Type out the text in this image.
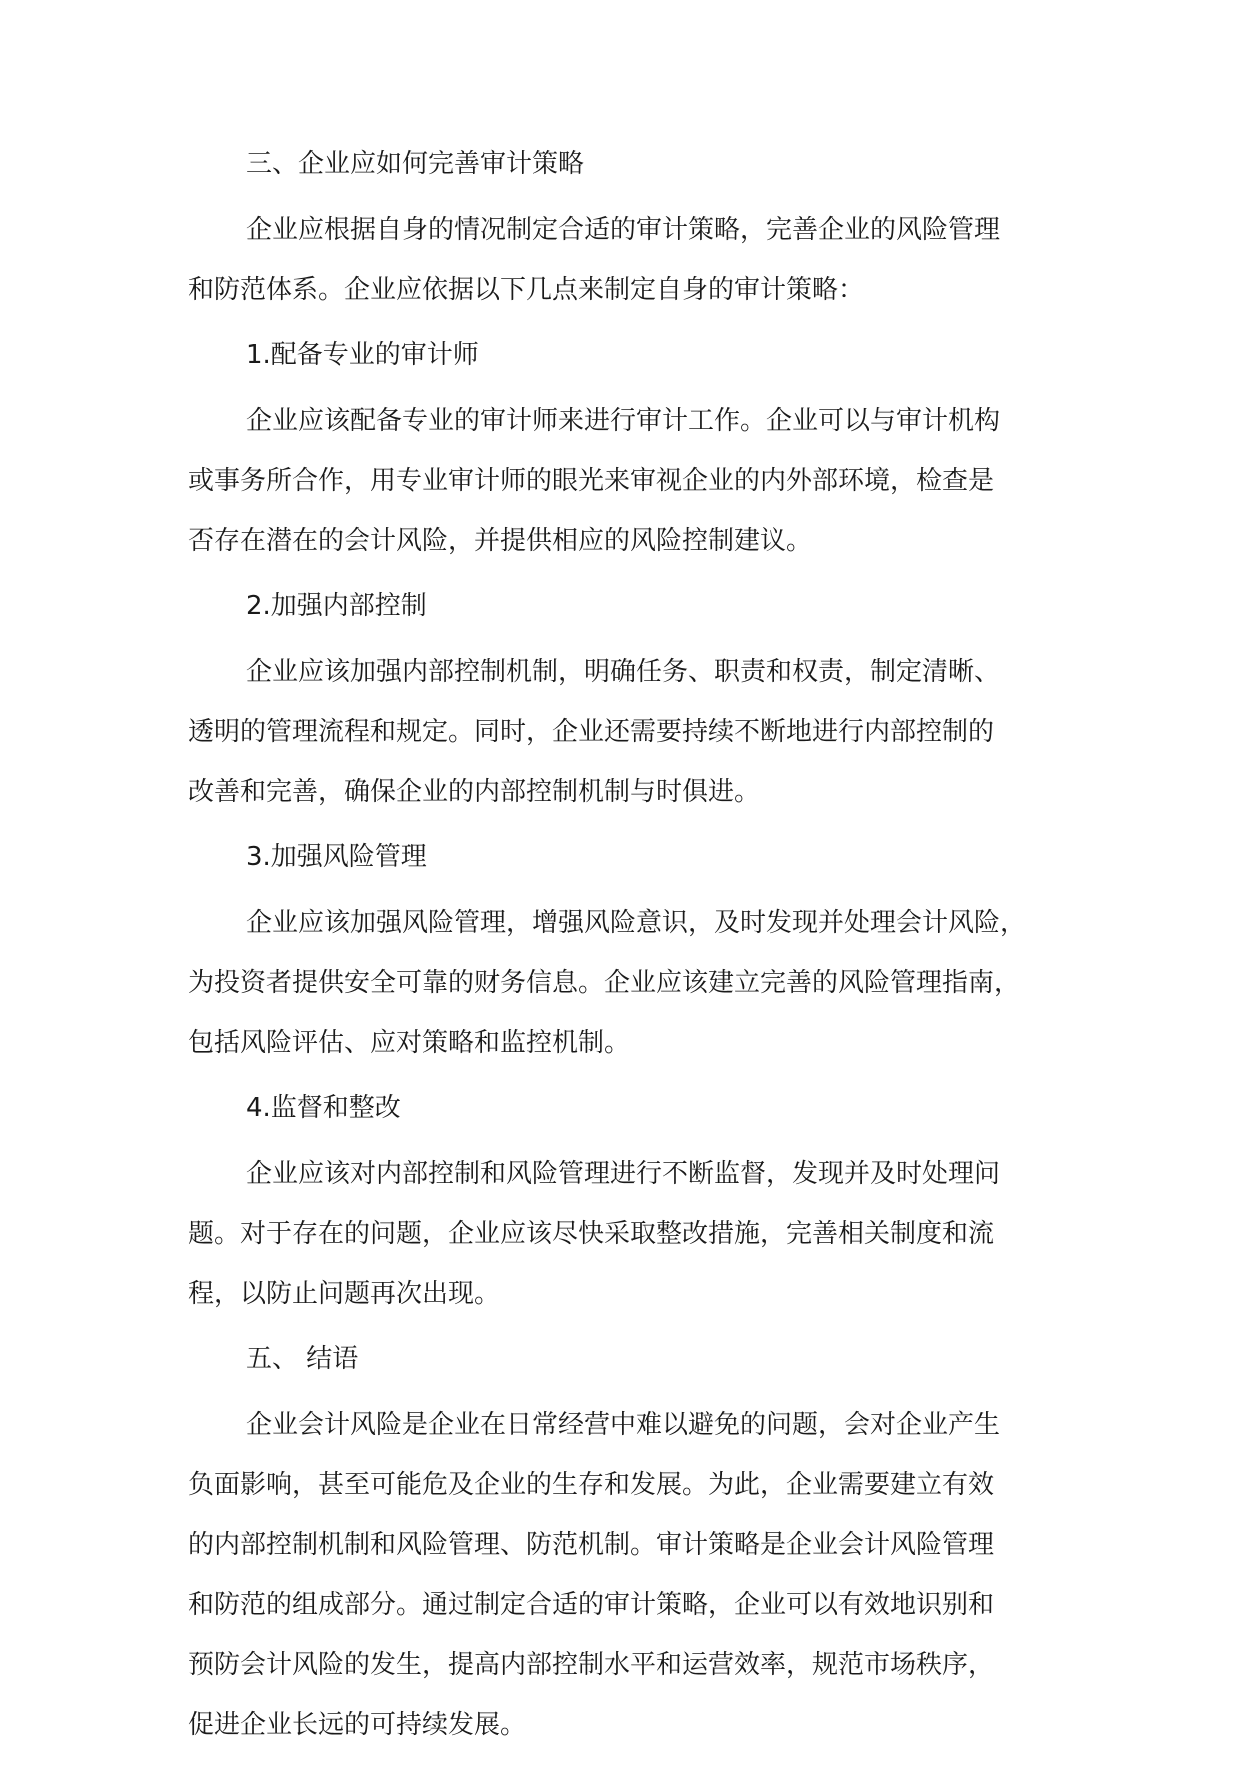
三、企业应如何完善审计策略
企业应根据自身的情况制定合适的审计策略，完善企业的风险管理
和防范体系。企业应依据以下几点来制定自身的审计策略：
1.配备专业的审计师
企业应该配备专业的审计师来进行审计工作。企业可以与审计机构
或事务所合作，用专业审计师的眼光来审视企业的内外部环境，检查是
否存在潜在的会计风险，并提供相应的风险控制建议。
2.加强内部控制
企业应该加强内部控制机制，明确任务、职责和权责，制定清晰、
透明的管理流程和规定。同时，企业还需要持续不断地进行内部控制的
改善和完善，确保企业的内部控制机制与时俱进。
3.加强风险管理
企业应该加强风险管理，增强风险意识，及时发现并处理会计风险，
为投资者提供安全可靠的财务信息。企业应该建立完善的风险管理指南，
包括风险评估、应对策略和监控机制。
4.监督和整改
企业应该对内部控制和风险管理进行不断监督，发现并及时处理问
题。对于存在的问题，企业应该尽快采取整改措施，完善相关制度和流
程，以防止问题再次出现。
五、 结语
企业会计风险是企业在日常经营中难以避免的问题，会对企业产生
负面影响，甚至可能危及企业的生存和发展。为此，企业需要建立有效
的内部控制机制和风险管理、防范机制。审计策略是企业会计风险管理
和防范的组成部分。通过制定合适的审计策略，企业可以有效地识别和
预防会计风险的发生，提高内部控制水平和运营效率，规范市场秩序，
促进企业长远的可持续发展。
